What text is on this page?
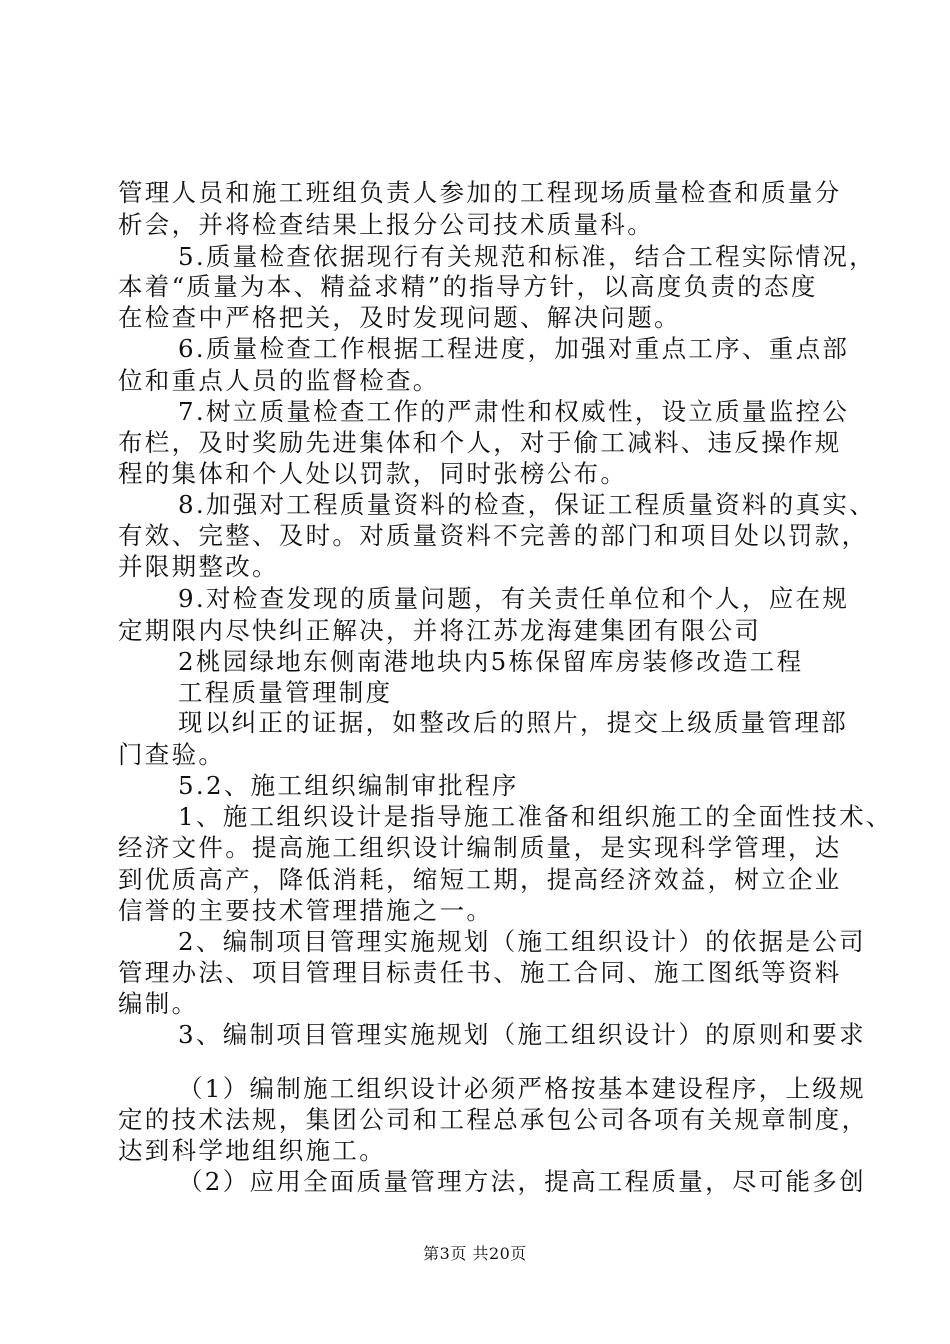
管理人员和施工班组负责人参加的工程现场质量检查和质量分
析会，并将检查结果上报分公司技术质量科。
5.质量检查依据现行有关规范和标准，结合工程实际情况，
本着“质量为本、精益求精”的指导方针，以高度负责的态度
在检查中严格把关，及时发现问题、解决问题。
6.质量检查工作根据工程进度，加强对重点工序、重点部
位和重点人员的监督检查。
7.树立质量检查工作的严肃性和权威性，设立质量监控公
布栏，及时奖励先进集体和个人，对于偷工减料、违反操作规
程的集体和个人处以罚款，同时张榜公布。
8.加强对工程质量资料的检查，保证工程质量资料的真实、
有效、完整、及时。对质量资料不完善的部门和项目处以罚款，
并限期整改。
9.对检查发现的质量问题，有关责任单位和个人，应在规
定期限内尽快纠正解决，并将江苏龙海建集团有限公司
2桃园绿地东侧南港地块内5栋保留库房装修改造工程
工程质量管理制度
现以纠正的证据，如整改后的照片，提交上级质量管理部
门查验。
5.2、施工组织编制审批程序
1、施工组织设计是指导施工准备和组织施工的全面性技术、
经济文件。提高施工组织设计编制质量，是实现科学管理，达
到优质高产，降低消耗，缩短工期，提高经济效益，树立企业
信誉的主要技术管理措施之一。
2、编制项目管理实施规划（施工组织设计）的依据是公司
管理办法、项目管理目标责任书、施工合同、施工图纸等资料
编制。
3、编制项目管理实施规划（施工组织设计）的原则和要求
（1）编制施工组织设计必须严格按基本建设程序，上级规
定的技术法规，集团公司和工程总承包公司各项有关规章制度，
达到科学地组织施工。
（2）应用全面质量管理方法，提高工程质量，尽可能多创
第3页 共20页
